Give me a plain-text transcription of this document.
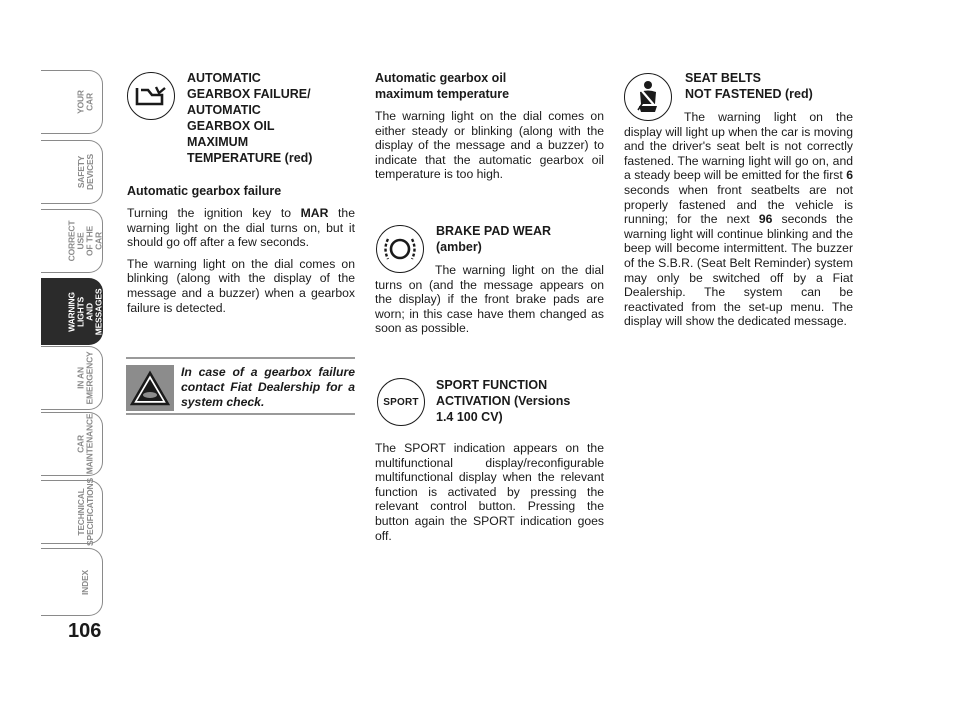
YOUR CAR
SAFETY
DEVICES
CORRECT USE
OF THE CAR
WARNING
LIGHTS AND
MESSAGES
IN AN
EMERGENCY
CAR
MAINTENANCE
TECHNICAL
SPECIFICATIONS
INDEX
106
AUTOMATIC
GEARBOX FAILURE/
AUTOMATIC
GEARBOX OIL
MAXIMUM
TEMPERATURE (red)
Automatic gearbox failure

Turning the ignition key to MAR the warning light on the dial turns on, but it should go off after a few seconds.

The warning light on the dial comes on blinking (along with the display of the message and a buzzer) when a gearbox failure is detected.

In case of a gearbox failure contact Fiat Dealership for a system check.
Automatic gearbox oil
maximum temperature

The warning light on the dial comes on either steady or blinking (along with the display of the message and a buzzer) to indicate that the automatic gearbox oil temperature is too high.

BRAKE PAD WEAR
(amber)

The warning light on the dial turns on (and the message appears on the display) if the front brake pads are worn; in this case have them changed as soon as possible.

SPORT
SPORT FUNCTION
ACTIVATION (Versions
1.4 100 CV)

The SPORT indication appears on the multifunctional display/reconfigurable multifunctional display when the relevant function is activated by pressing the relevant control button. Pressing the button again the SPORT indication goes off.

SEAT BELTS
NOT FASTENED (red)

The warning light on the display will light up when the car is moving and the driver's seat belt is not correctly fastened. The warning light will go on, and a steady beep will be emitted for the first 6 seconds when front seatbelts are not properly fastened and the vehicle is running; for the next 96 seconds the warning light will continue blinking and the beep will become intermittent. The buzzer of the S.B.R. (Seat Belt Reminder) system may only be switched off by a Fiat Dealership. The system can be reactivated from the set-up menu. The display will show the dedicated message.
